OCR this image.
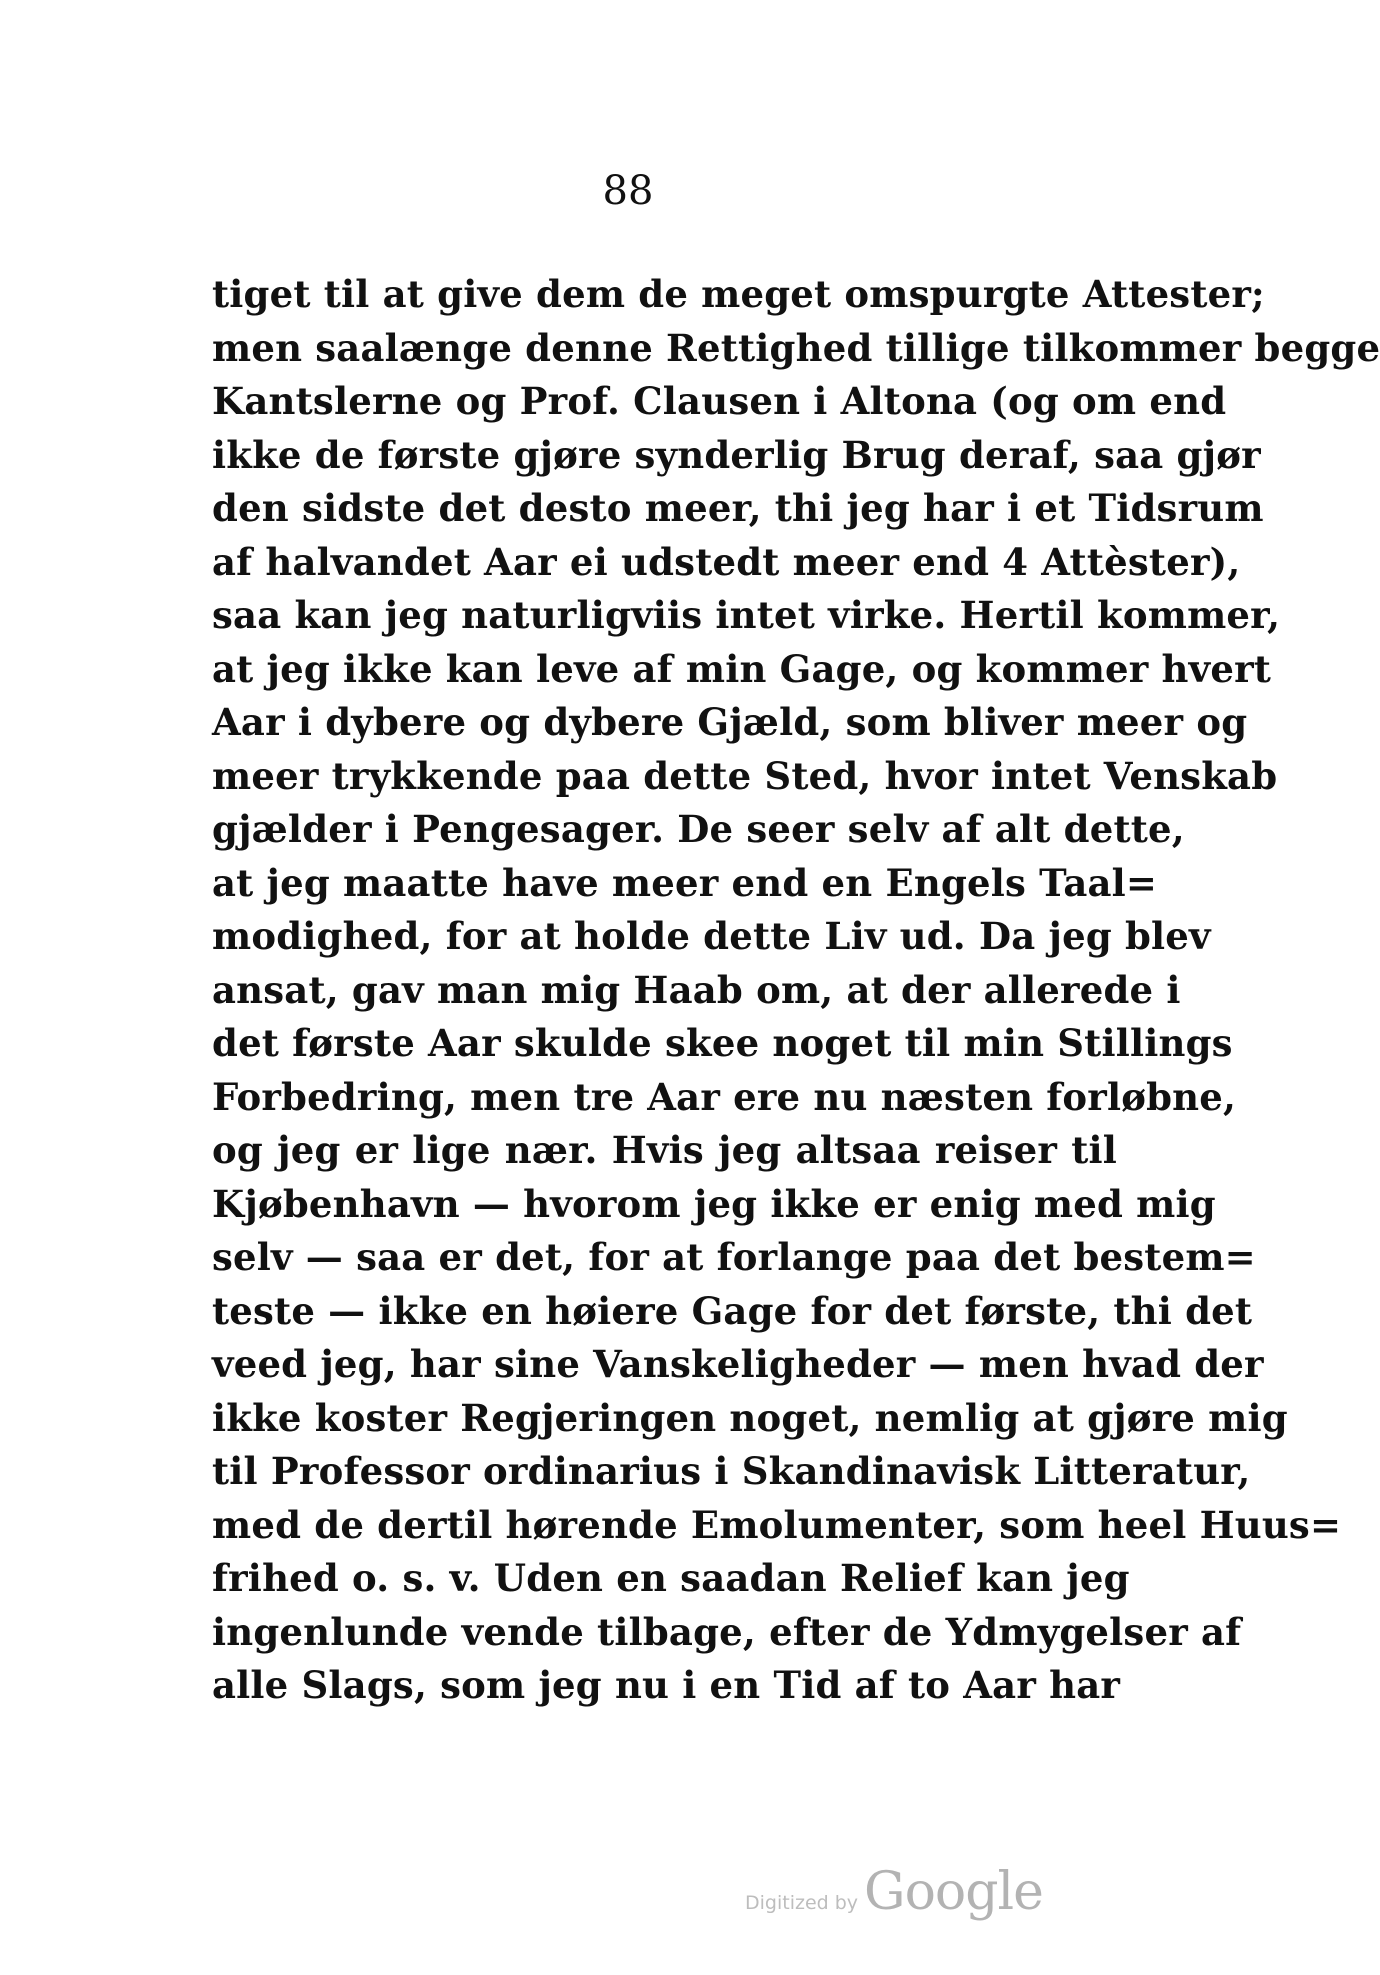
88
tiget til at give dem de meget omspurgte Attester;
men saalænge denne Rettighed tillige tilkommer begge
Kantslerne og Prof. Clausen i Altona (og om end
ikke de første gjøre synderlig Brug deraf, saa gjør
den sidste det desto meer, thi jeg har i et Tidsrum
af halvandet Aar ei udstedt meer end 4 Attèster),
saa kan jeg naturligviis intet virke. Hertil kommer,
at jeg ikke kan leve af min Gage, og kommer hvert
Aar i dybere og dybere Gjæld, som bliver meer og
meer trykkende paa dette Sted, hvor intet Venskab
gjælder i Pengesager. De seer selv af alt dette,
at jeg maatte have meer end en Engels Taal=
modighed, for at holde dette Liv ud. Da jeg blev
ansat, gav man mig Haab om, at der allerede i
det første Aar skulde skee noget til min Stillings
Forbedring, men tre Aar ere nu næsten forløbne,
og jeg er lige nær. Hvis jeg altsaa reiser til
Kjøbenhavn — hvorom jeg ikke er enig med mig
selv — saa er det, for at forlange paa det bestem=
teste — ikke en høiere Gage for det første, thi det
veed jeg, har sine Vanskeligheder — men hvad der
ikke koster Regjeringen noget, nemlig at gjøre mig
til Professor ordinarius i Skandinavisk Litteratur,
med de dertil hørende Emolumenter, som heel Huus=
frihed o. s. v. Uden en saadan Relief kan jeg
ingenlunde vende tilbage, efter de Ydmygelser af
alle Slags, som jeg nu i en Tid af to Aar har
Digitized by Google
